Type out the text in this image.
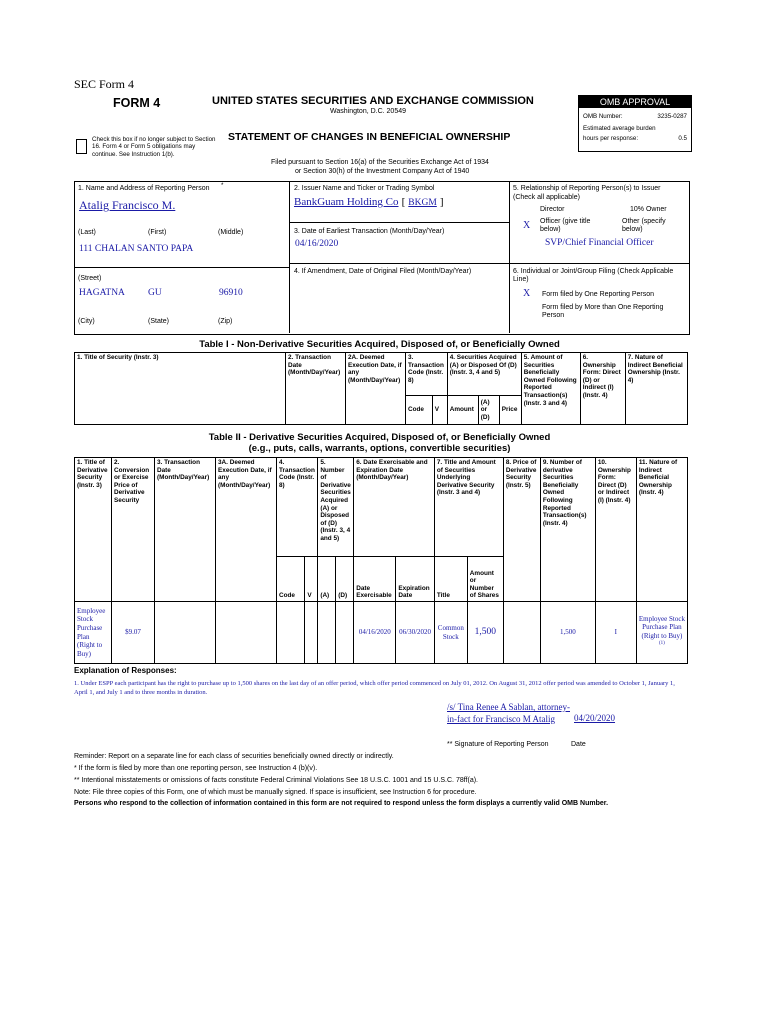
SEC Form 4
FORM 4	UNITED STATES SECURITIES AND EXCHANGE COMMISSION
Washington, D.C. 20549
Check this box if no longer subject to Section 16. Form 4 or Form 5 obligations may continue. See Instruction 1(b).
STATEMENT OF CHANGES IN BENEFICIAL OWNERSHIP
Filed pursuant to Section 16(a) of the Securities Exchange Act of 1934
or Section 30(h) of the Investment Company Act of 1940
OMB APPROVAL
OMB Number:	3235-0287
Estimated average burden
hours per response:	0.5
1. Name and Address of Reporting Person *
Atalig Francisco M.
(Last)	(First)	(Middle)
111 CHALAN SANTO PAPA
(Street)
HAGATNA GU	96910
(City)	(State)	(Zip)
2. Issuer Name and Ticker or Trading Symbol
BankGuam Holding Co [ BKGM ]
3. Date of Earliest Transaction (Month/Day/Year)
04/16/2020
4. If Amendment, Date of Original Filed (Month/Day/Year)
5. Relationship of Reporting Person(s) to Issuer
(Check all applicable)
Director	10% Owner
X Officer (give title below)
Other (specify below)
SVP/Chief Financial Officer
6. Individual or Joint/Group Filing (Check Applicable Line)
X Form filed by One Reporting Person
Form filed by More than One Reporting Person
Table I - Non-Derivative Securities Acquired, Disposed of, or Beneficially Owned
1. Title of Security (Instr. 3)	2. Transaction Date (Month/Day/Year)	2A. Deemed Execution Date, if any (Month/Day/Year)	3. Transaction Code (Instr. 8)		4. Securities Acquired (A) or Disposed Of (D) (Instr. 3, 4 and 5)			5. Amount of Securities Beneficially Owned Following Reported Transaction(s) (Instr. 3 and 4)	6. Ownership Form: Direct (D) or Indirect (I) (Instr. 4)	7. Nature of Indirect Beneficial Ownership (Instr. 4)
			Code	V	Amount	(A) or (D)	Price			
Table II - Derivative Securities Acquired, Disposed of, or Beneficially Owned
(e.g., puts, calls, warrants, options, convertible securities)
1. Title of Derivative Security (Instr. 3)	2. Conversion or Exercise Price of Derivative Security	3. Transaction Date (Month/Day/Year)	3A. Deemed Execution Date, if any (Month/Day/Year)	4. Transaction Code (Instr. 8)		5. Number of Derivative Securities Acquired (A) or Disposed of (D) (Instr. 3, 4 and 5)		6. Date Exercisable and Expiration Date (Month/Day/Year)		7. Title and Amount of Securities Underlying Derivative Security (Instr. 3 and 4)		8. Price of Derivative Security (Instr. 5)	9. Number of derivative Securities Beneficially Owned Following Reported Transaction(s) (Instr. 4)	10. Ownership Form: Direct (D) or Indirect (I) (Instr. 4)	11. Nature of Indirect Beneficial Ownership (Instr. 4)
				Code	V	(A)	(D)	Date Exercisable	Expiration Date	Title	Amount or Number of Shares				
Employee Stock Purchase Plan (Right to Buy)	$9.07							04/16/2020	06/30/2020	Common Stock	1,500		1,500	I	Employee Stock Purchase Plan (Right to Buy) $^{(1)}$
Explanation of Responses:
1. Under ESPP each participant has the right to purchase up to 1,500 shares on the last day of an offer period, which offer period commenced on July 01, 2012. On August 31, 2012 offer period was amended to October 1, January 1, April 1, and July 1 and to three months in duration.
/s/ Tina Renee A Sablan, attorney-in-fact for Francisco M Atalig	04/20/2020
** Signature of Reporting Person	Date
Reminder: Report on a separate line for each class of securities beneficially owned directly or indirectly.
* If the form is filed by more than one reporting person, see Instruction 4 (b)(v).
** Intentional misstatements or omissions of facts constitute Federal Criminal Violations See 18 U.S.C. 1001 and 15 U.S.C. 78ff(a).
Note: File three copies of this Form, one of which must be manually signed. If space is insufficient, see Instruction 6 for procedure.
Persons who respond to the collection of information contained in this form are not required to respond unless the form displays a currently valid OMB Number.
